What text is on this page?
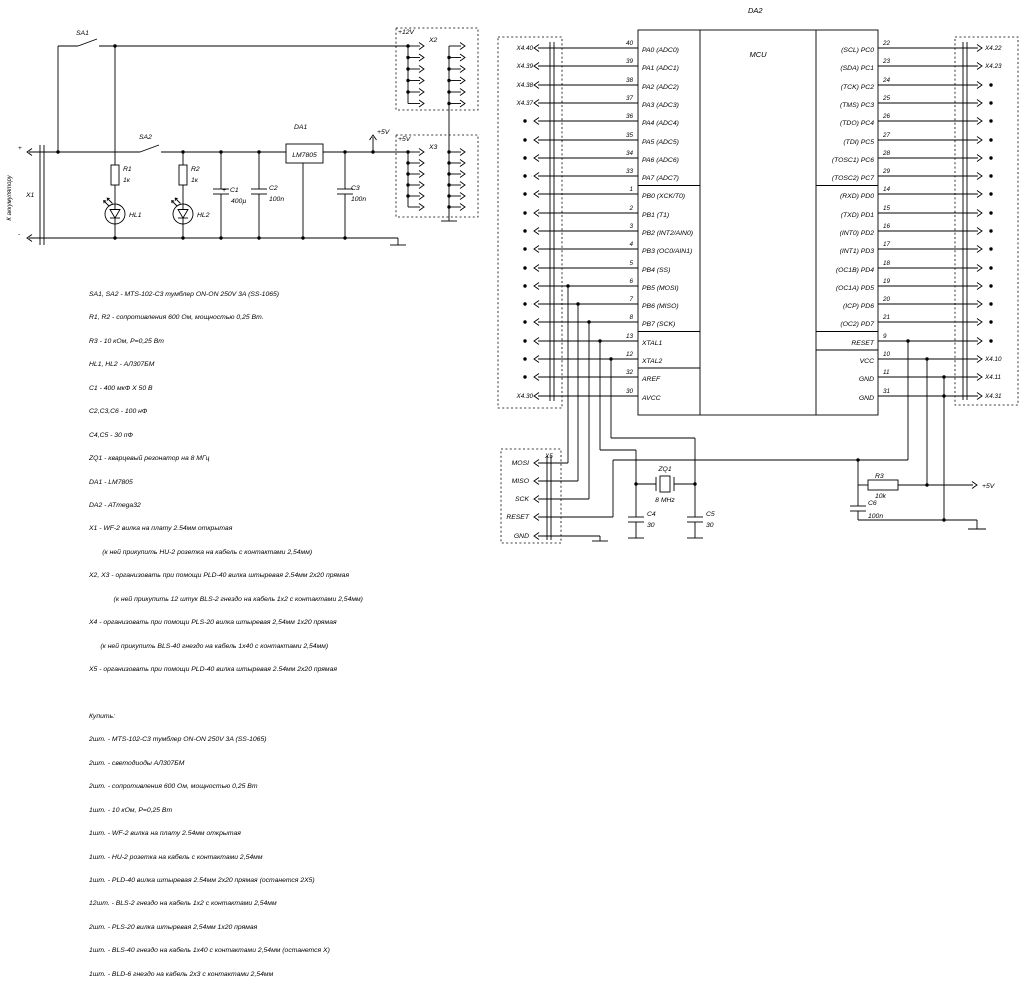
SA1
SA2
+
-
X1
К аккумулятору
R1
1к
R2
1к
HL1	HL2
+ C1
400µ
C2
100n
DA1
LM7805
+5V
C3
100n
+12V
X2
+5V
X3
DA2
MCU
40
39
38
37
36
35
34
33
1
2
3
4
5
6
7
8
13
12
32
30
PA0 (ADC0)
PA1 (ADC1)
PA2 (ADC2)
PA3 (ADC3)
PA4 (ADC4)
PA5 (ADC5)
PA6 (ADC6)
PA7 (ADC7)
PB0 (XCK/T0)
PB1 (T1)
PB2 (INT2/AIN0)
PB3 (OC0/AIN1)
PB4 (SS)
PB5 (MOSI)
PB6 (MISO)
PB7 (SCK)
XTAL1
XTAL2
AREF
AVCC
22
23
24
25
26
27
28
29
14
15
16
17
18
19
20
21
9
10
11
31
(SCL) PC0
(SDA) PC1
(TCK) PC2
(TMS) PC3
(TDO) PC4
(TDI) PC5
(TOSC1) PC6
(TOSC2) PC7
(RXD) PD0
(TXD) PD1
(INT0) PD2
(INT1) PD3
(OC1B) PD4
(OC1A) PD5
(ICP) PD6
(OC2) PD7
RESET
VCC
GND
GND
X4.40
X4.39
X4.38
X4.37
X4.30
X4.22
X4.23
X4.10
X4.11
X4.31
X5
MOSI
MISO
SCK
RESET
GND
ZQ1
8 MHz
C4
30
C5
30
R3
10k
C6
100n
+5V

SA1, SA2 - MTS-102-C3 тумблер ON-ON 250V 3A (SS-1065)

R1, R2 - сопротивления 600 Ом, мощностью 0,25 Вт.

R3 - 10 кОм, P=0,25 Вт

HL1, HL2 - АЛ307БМ

C1 - 400 мкФ X 50 В

C2,C3,C6 - 100 нФ

C4,C5 - 30 пФ

ZQ1 - кварцевый резонатор на 8 МГц

DA1 - LM7805

DA2 - ATmega32

X1 - WF-2 вилка на плату 2.54мм открытая

(к ней прикупить HU-2 розетка на кабель с контактами 2,54мм)

X2, X3 - организовать при помощи PLD-40 вилка штыревая 2.54мм 2x20 прямая

(к ней прикупить 12 штук BLS-2 гнездо на кабель 1x2 с контактами 2,54мм)

X4 - организовать при помощи PLS-20 вилка штыревая 2,54мм 1x20 прямая

(к ней прикупить BLS-40 гнездо на кабель 1x40 с контактами 2,54мм)

X5 - организовать при помощи PLD-40 вилка штыревая 2.54мм 2x20 прямая

Купить:

2шт. - MTS-102-C3 тумблер ON-ON 250V 3A (SS-1065)

2шт. - светодиоды АЛ307БМ

2шт. - сопротивления 600 Ом, мощностью 0,25 Вт

1шт. - 10 кОм, P=0,25 Вт

1шт. - WF-2 вилка на плату 2.54мм открытая

1шт. - HU-2 розетка на кабель с контактами 2,54мм

1шт. - PLD-40 вилка штыревая 2.54мм 2x20 прямая (останется 2X5)

12шт. - BLS-2 гнездо на кабель 1x2 с контактами 2,54мм

2шт. - PLS-20 вилка штыревая 2,54мм 1x20 прямая

1шт. - BLS-40 гнездо на кабель 1x40 с контактами 2,54мм (останется X)

1шт. - BLD-6 гнездо на кабель 2x3 с контактами 2,54мм
